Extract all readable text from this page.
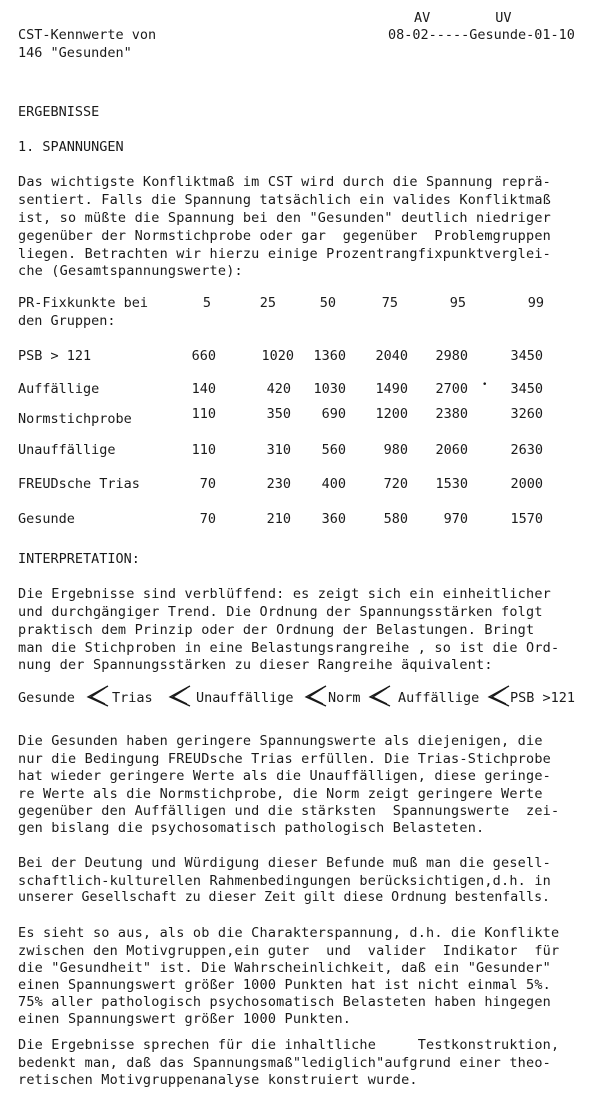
CST-Kennwerte von
146 "Gesunden"
AV        UV
08-02-----Gesunde-01-10
ERGEBNISSE
1. SPANNUNGEN
Das wichtigste Konfliktmaß im CST wird durch die Spannung reprä-
sentiert. Falls die Spannung tatsächlich ein valides Konfliktmaß
ist, so müßte die Spannung bei den "Gesunden" deutlich niedriger
gegenüber der Normstichprobe oder gar  gegenüber  Problemgruppen
liegen. Betrachten wir hierzu einige Prozentrangfixpunktverglei-
che (Gesamtspannungswerte):
PR-Fixkunkte bei
den Gruppen:
5	25	50	75	95	99
PSB > 121	660	1020	1360	2040	2980	3450
Auffällige	140	420	1030	1490	2700	3450
•
Normstichprobe	110	350	690	1200	2380	3260
Unauffällige	110	310	560	980	2060	2630
FREUDsche Trias	70	230	400	720	1530	2000
Gesunde	70	210	360	580	970	1570
INTERPRETATION:
Die Ergebnisse sind verblüffend: es zeigt sich ein einheitlicher
und durchgängiger Trend. Die Ordnung der Spannungsstärken folgt
praktisch dem Prinzip oder der Ordnung der Belastungen. Bringt
man die Stichproben in eine Belastungsrangreihe , so ist die Ord-
nung der Spannungsstärken zu dieser Rangreihe äquivalent:
Gesunde	Trias	Unauffällige	Norm	Auffällige PSB >121
Die Gesunden haben geringere Spannungswerte als diejenigen, die
nur die Bedingung FREUDsche Trias erfüllen. Die Trias-Stichprobe
hat wieder geringere Werte als die Unauffälligen, diese geringe-
re Werte als die Normstichprobe, die Norm zeigt geringere Werte
gegenüber den Auffälligen und die stärksten  Spannungswerte  zei-
gen bislang die psychosomatisch pathologisch Belasteten.
Bei der Deutung und Würdigung dieser Befunde muß man die gesell-
schaftlich-kulturellen Rahmenbedingungen berücksichtigen,d.h. in
unserer Gesellschaft zu dieser Zeit gilt diese Ordnung bestenfalls.
Es sieht so aus, als ob die Charakterspannung, d.h. die Konflikte
zwischen den Motivgruppen,ein guter  und  valider  Indikator  für
die "Gesundheit" ist. Die Wahrscheinlichkeit, daß ein "Gesunder"
einen Spannungswert größer 1000 Punkten hat ist nicht einmal 5%.
75% aller pathologisch psychosomatisch Belasteten haben hingegen
einen Spannungswert größer 1000 Punkten.
Die Ergebnisse sprechen für die inhaltliche     Testkonstruktion,
bedenkt man, daß das Spannungsmaß"lediglich"aufgrund einer theo-
retischen Motivgruppenanalyse konstruiert wurde.
